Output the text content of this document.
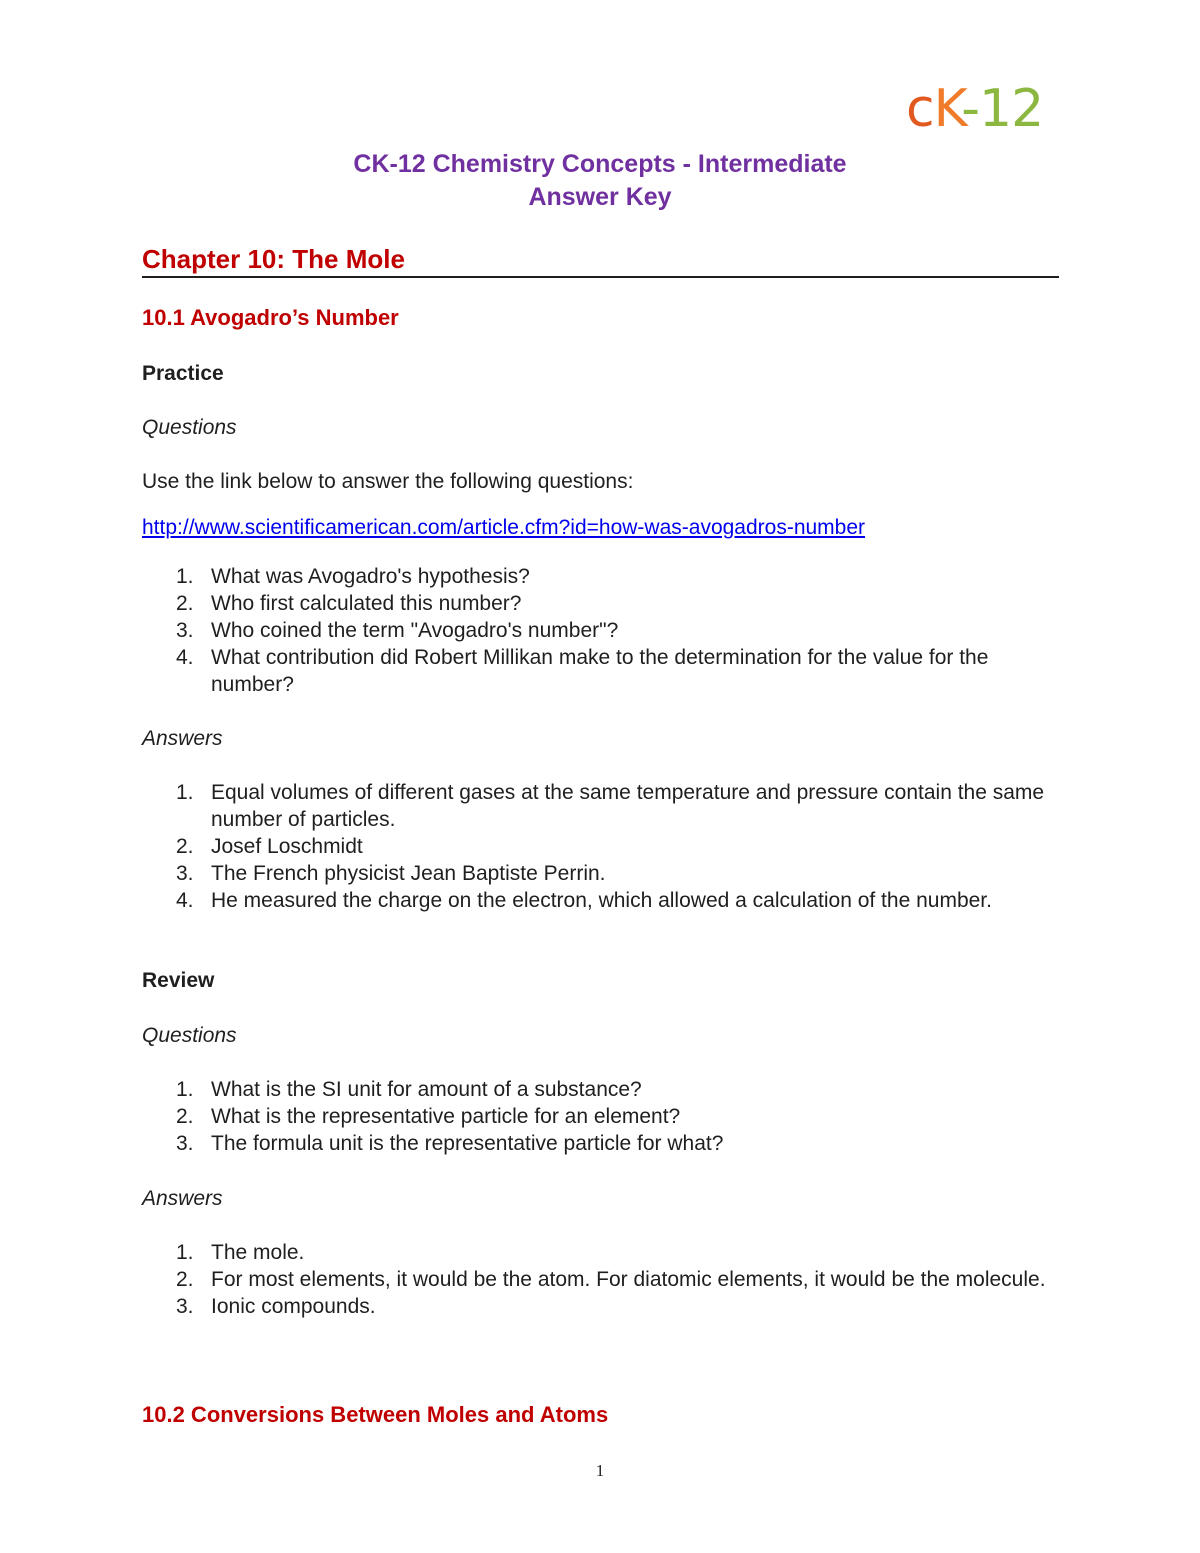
cK-12
CK-12 Chemistry Concepts - Intermediate
Answer Key
Chapter 10: The Mole
10.1 Avogadro’s Number
Practice
Questions
Use the link below to answer the following questions:
http://www.scientificamerican.com/article.cfm?id=how-was-avogadros-number
1. What was Avogadro's hypothesis?
2. Who first calculated this number?
3. Who coined the term "Avogadro's number"?
4. What contribution did Robert Millikan make to the determination for the value for the number?
Answers
1. Equal volumes of different gases at the same temperature and pressure contain the same number of particles.
2. Josef Loschmidt
3. The French physicist Jean Baptiste Perrin.
4. He measured the charge on the electron, which allowed a calculation of the number.
Review
Questions
1. What is the SI unit for amount of a substance?
2. What is the representative particle for an element?
3. The formula unit is the representative particle for what?
Answers
1. The mole.
2. For most elements, it would be the atom. For diatomic elements, it would be the molecule.
3. Ionic compounds.
10.2 Conversions Between Moles and Atoms
1
